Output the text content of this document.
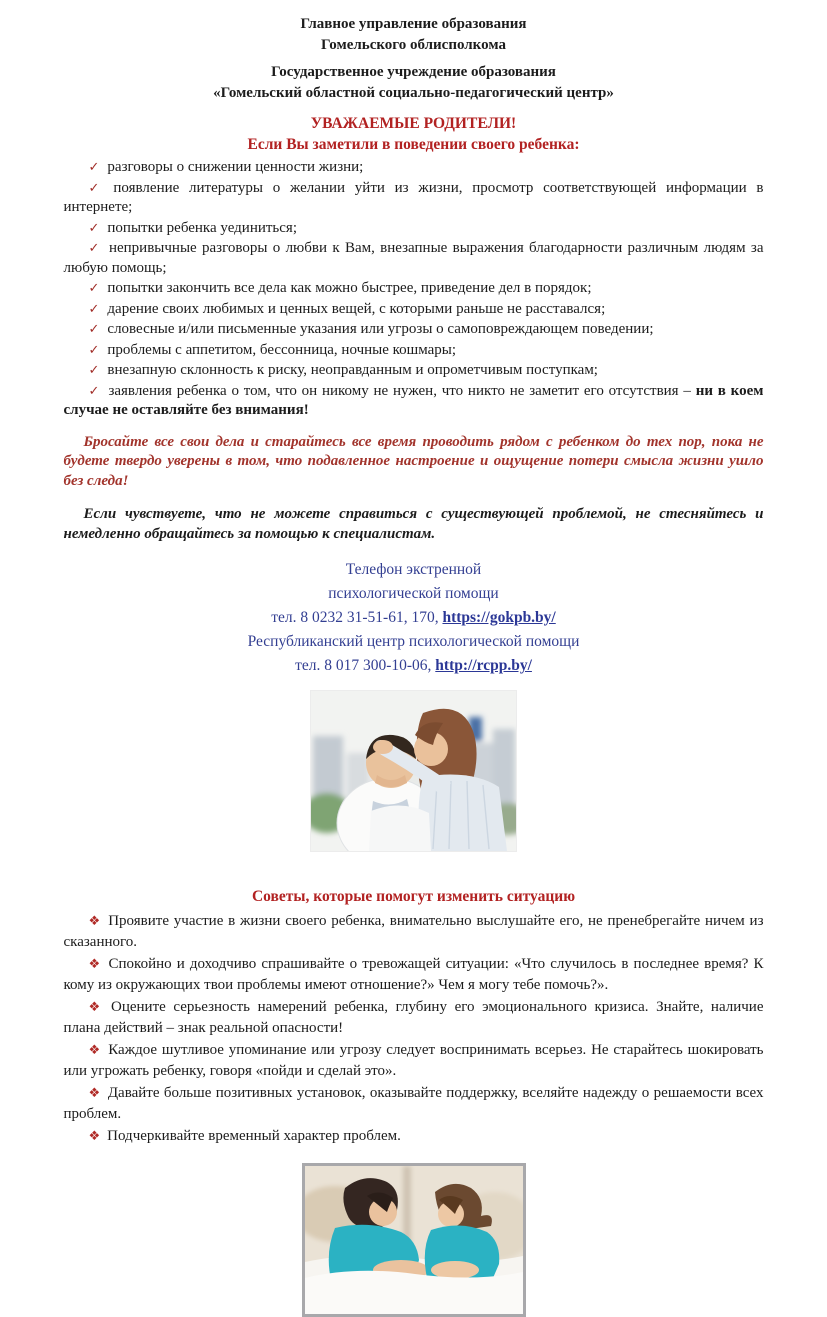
Главное управление образования

Гомельского облисполкома

Государственное учреждение образования

«Гомельский областной социально-педагогический центр»

УВАЖАЕМЫЕ РОДИТЕЛИ!

Если Вы заметили в поведении своего ребенка:

✓ разговоры о снижении ценности жизни;

✓ появление литературы о желании уйти из жизни, просмотр соответствующей информации в интернете;

✓ попытки ребенка уединиться;

✓ непривычные разговоры о любви к Вам, внезапные выражения благодарности различным людям за любую помощь;

✓ попытки закончить все дела как можно быстрее, приведение дел в порядок;

✓ дарение своих любимых и ценных вещей, с которыми раньше не расставался;

✓ словесные и/или письменные указания или угрозы о самоповреждающем поведении;

✓ проблемы с аппетитом, бессонница, ночные кошмары;

✓ внезапную склонность к риску, неоправданным и опрометчивым поступкам;

✓ заявления ребенка о том, что он никому не нужен, что никто не заметит его отсутствия – ни в коем случае не оставляйте без внимания!

Бросайте все свои дела и старайтесь все время проводить рядом с ребенком до тех пор, пока не будете твердо уверены в том, что подавленное настроение и ощущение потери смысла жизни ушло без следа!

Если чувствуете, что не можете справиться с существующей проблемой, не стесняйтесь и немедленно обращайтесь за помощью к специалистам.

Телефон экстренной

психологической помощи

тел. 8 0232 31-51-61, 170, https://gokpb.by/

Республиканский центр психологической помощи

тел. 8 017 300-10-06, http://rcpp.by/

Советы, которые помогут изменить ситуацию

❖ Проявите участие в жизни своего ребенка, внимательно выслушайте его, не пренебрегайте ничем из сказанного.

❖ Спокойно и доходчиво спрашивайте о тревожащей ситуации: «Что случилось в последнее время? К кому из окружающих твои проблемы имеют отношение?» Чем я могу тебе помочь?».

❖ Оцените серьезность намерений ребенка, глубину его эмоционального кризиса. Знайте, наличие плана действий – знак реальной опасности!

❖ Каждое шутливое упоминание или угрозу следует воспринимать всерьез. Не старайтесь шокировать или угрожать ребенку, говоря «пойди и сделай это».

❖ Давайте больше позитивных установок, оказывайте поддержку, вселяйте надежду о решаемости всех проблем.

❖ Подчеркивайте временный характер проблем.
